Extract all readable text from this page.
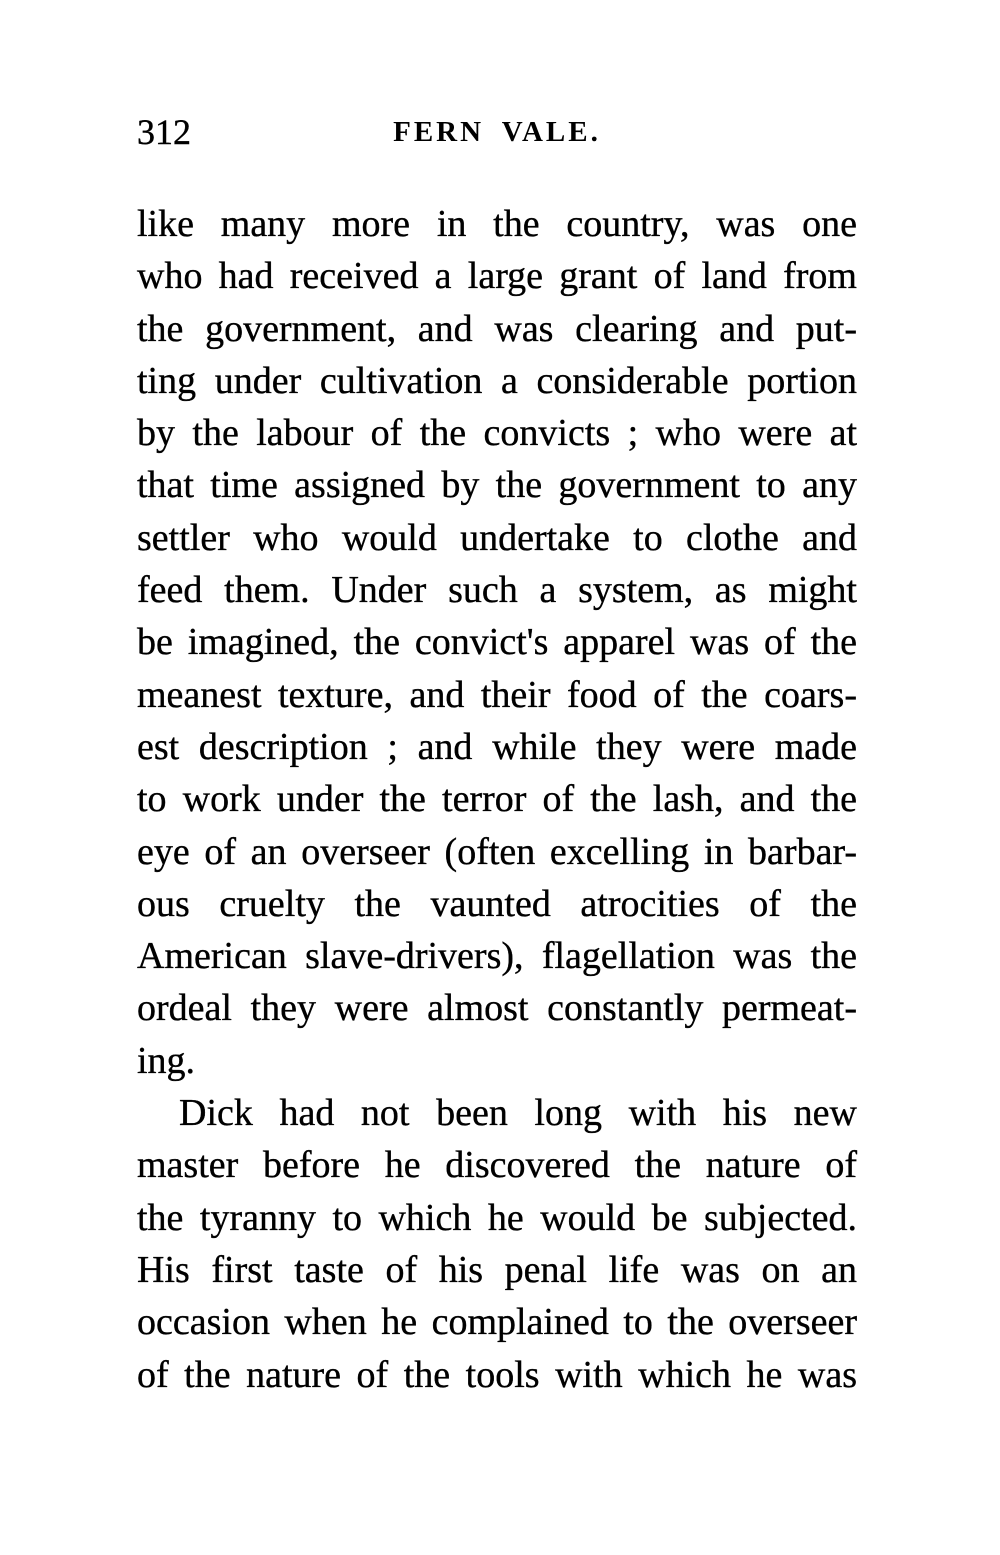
312	FERN VALE.
like many more in the country, was one
who had received a large grant of land from
the government, and was clearing and put-
ting under cultivation a considerable portion
by the labour of the convicts ; who were at
that time assigned by the government to any
settler who would undertake to clothe and
feed them. Under such a system, as might
be imagined, the convict's apparel was of the
meanest texture, and their food of the coars-
est description ; and while they were made
to work under the terror of the lash, and the
eye of an overseer (often excelling in barbar-
ous cruelty the vaunted atrocities of the
American slave-drivers), flagellation was the
ordeal they were almost constantly permeat-
ing.
Dick had not been long with his new
master before he discovered the nature of
the tyranny to which he would be subjected.
His first taste of his penal life was on an
occasion when he complained to the overseer
of the nature of the tools with which he was
